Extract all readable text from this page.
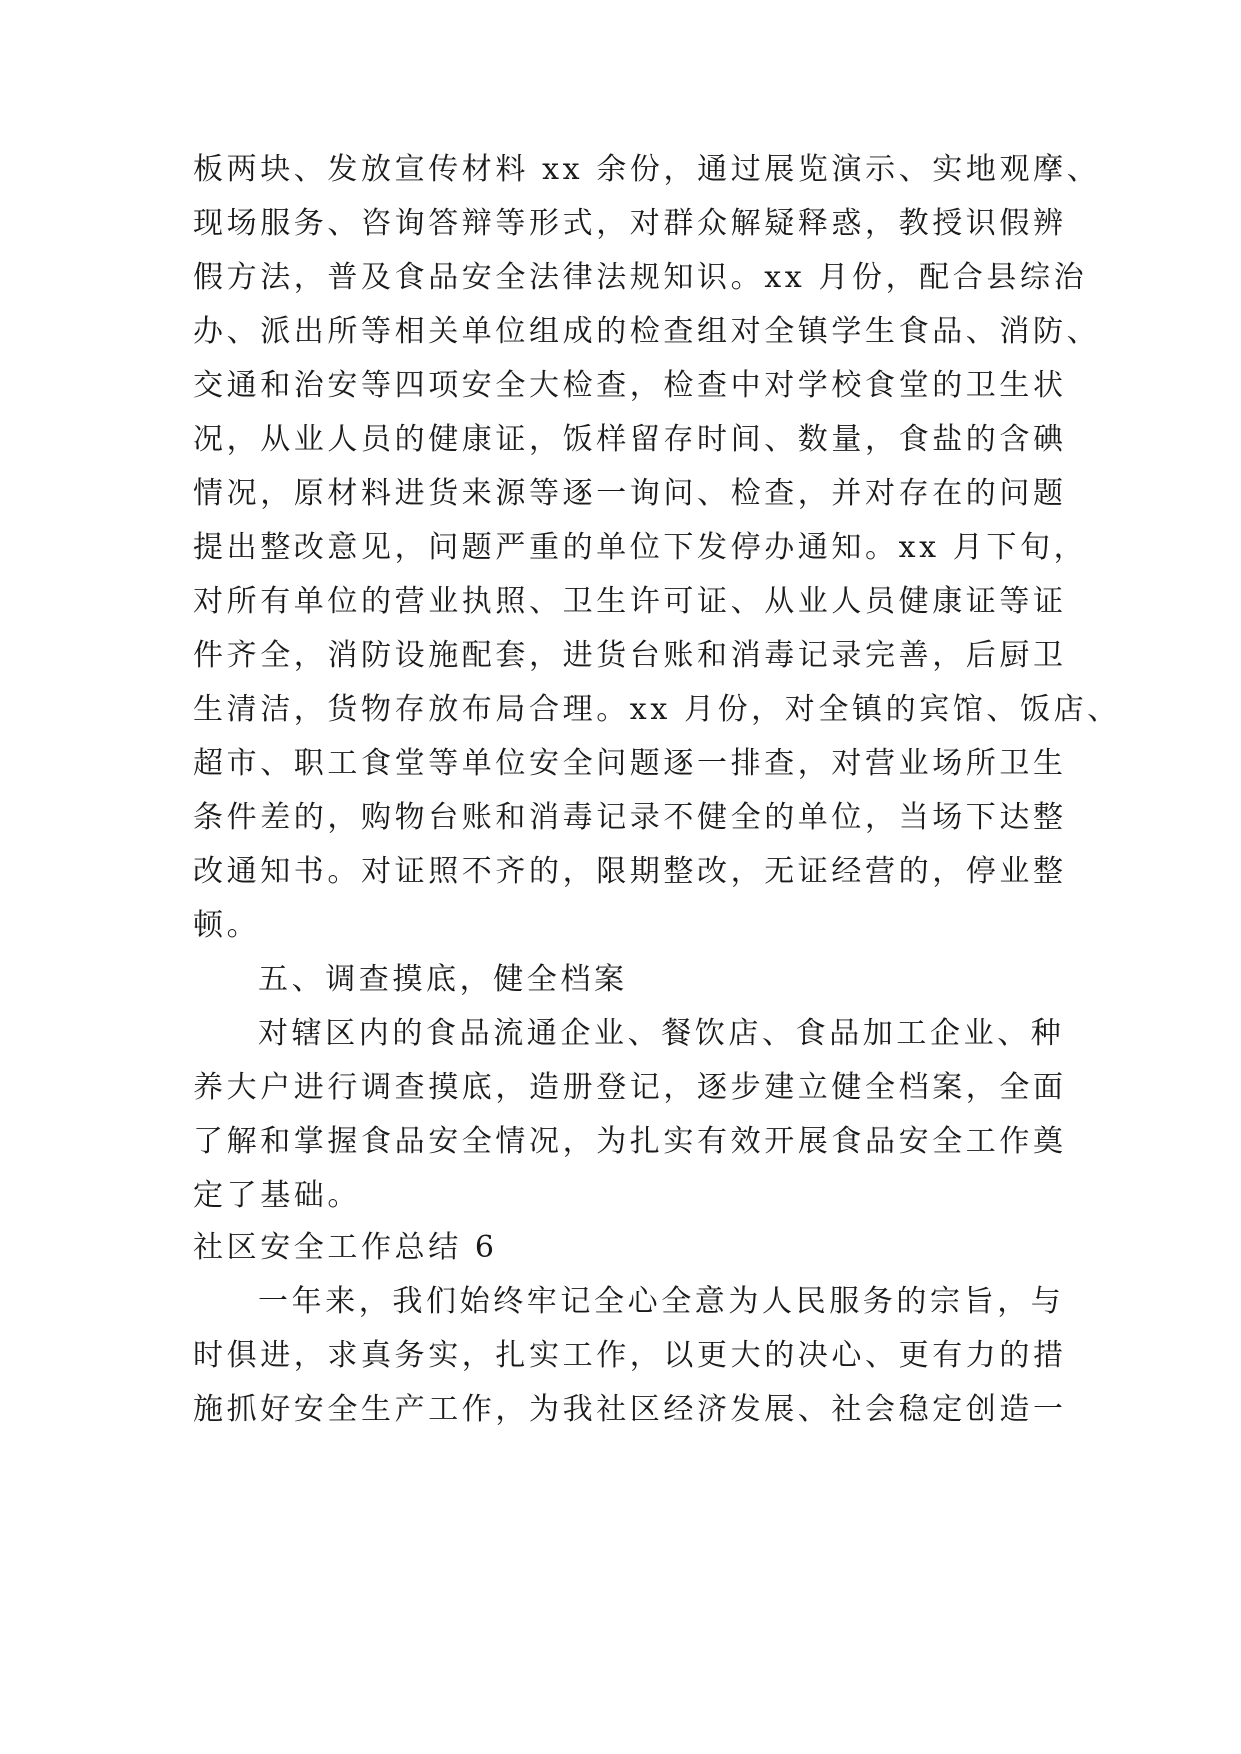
板两块、发放宣传材料 xx 余份，通过展览演示、实地观摩、
现场服务、咨询答辩等形式，对群众解疑释惑，教授识假辨
假方法，普及食品安全法律法规知识。xx 月份，配合县综治
办、派出所等相关单位组成的检查组对全镇学生食品、消防、
交通和治安等四项安全大检查，检查中对学校食堂的卫生状
况，从业人员的健康证，饭样留存时间、数量，食盐的含碘
情况，原材料进货来源等逐一询问、检查，并对存在的问题
提出整改意见，问题严重的单位下发停办通知。xx 月下旬，
对所有单位的营业执照、卫生许可证、从业人员健康证等证
件齐全，消防设施配套，进货台账和消毒记录完善，后厨卫
生清洁，货物存放布局合理。xx 月份，对全镇的宾馆、饭店、
超市、职工食堂等单位安全问题逐一排查，对营业场所卫生
条件差的，购物台账和消毒记录不健全的单位，当场下达整
改通知书。对证照不齐的，限期整改，无证经营的，停业整
顿。
五、调查摸底，健全档案
对辖区内的食品流通企业、餐饮店、食品加工企业、种
养大户进行调查摸底，造册登记，逐步建立健全档案，全面
了解和掌握食品安全情况，为扎实有效开展食品安全工作奠
定了基础。
社区安全工作总结 6
一年来，我们始终牢记全心全意为人民服务的宗旨，与
时俱进，求真务实，扎实工作，以更大的决心、更有力的措
施抓好安全生产工作，为我社区经济发展、社会稳定创造一
